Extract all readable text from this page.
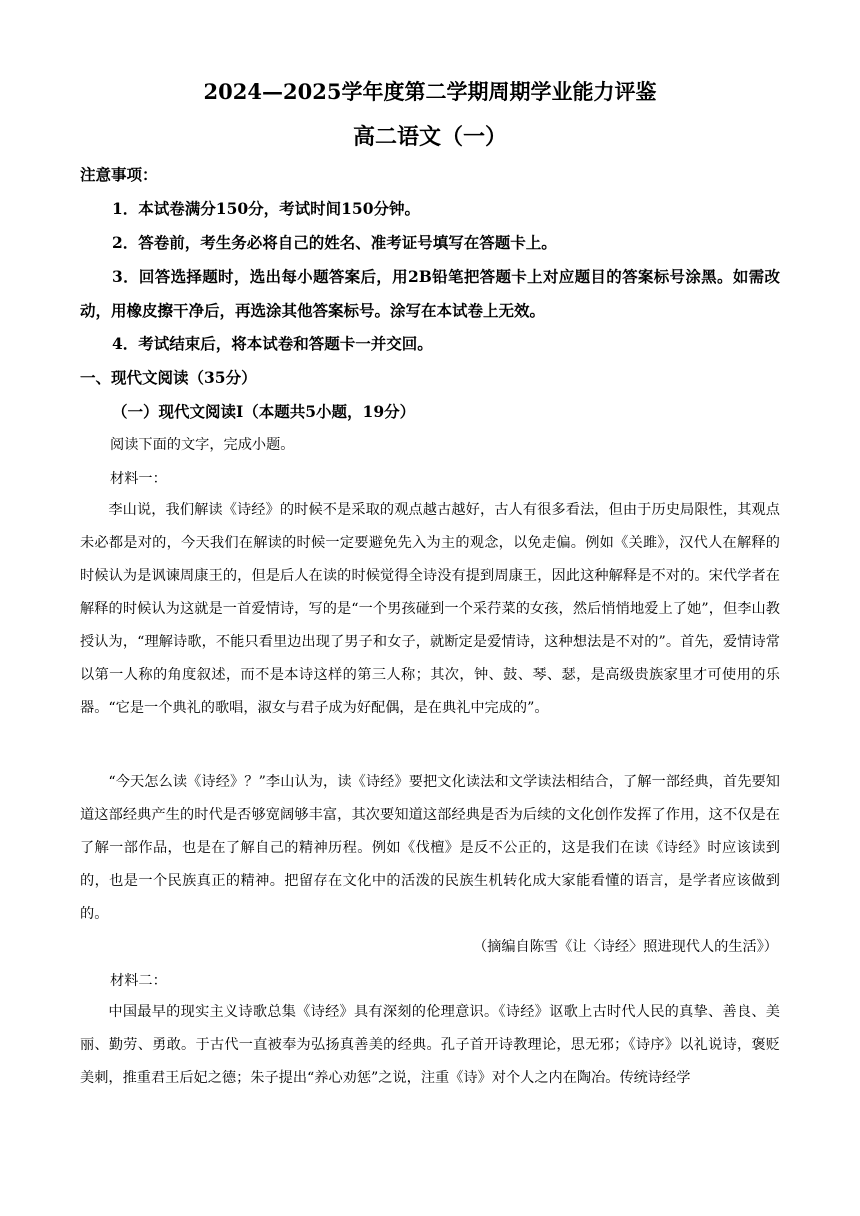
2024—2025学年度第二学期周期学业能力评鉴
高二语文（一）
注意事项：
1．本试卷满分150分，考试时间150分钟。
2．答卷前，考生务必将自己的姓名、准考证号填写在答题卡上。
3．回答选择题时，选出每小题答案后，用2B铅笔把答题卡上对应题目的答案标号涂黑。如需改动，用橡皮擦干净后，再选涂其他答案标号。涂写在本试卷上无效。
4．考试结束后，将本试卷和答题卡一并交回。
一、现代文阅读（35分）
（一）现代文阅读Ⅰ（本题共5小题，19分）
阅读下面的文字，完成小题。
材料一：
李山说，我们解读《诗经》的时候不是采取的观点越古越好，古人有很多看法，但由于历史局限性，其观点未必都是对的，今天我们在解读的时候一定要避免先入为主的观念，以免走偏。例如《关雎》，汉代人在解释的时候认为是讽谏周康王的，但是后人在读的时候觉得全诗没有提到周康王，因此这种解释是不对的。宋代学者在解释的时候认为这就是一首爱情诗，写的是“一个男孩碰到一个采荇菜的女孩，然后悄悄地爱上了她”，但李山教授认为，“理解诗歌，不能只看里边出现了男子和女子，就断定是爱情诗，这种想法是不对的”。首先，爱情诗常以第一人称的角度叙述，而不是本诗这样的第三人称；其次，钟、鼓、琴、瑟，是高级贵族家里才可使用的乐器。“它是一个典礼的歌唱，淑女与君子成为好配偶，是在典礼中完成的”。
“今天怎么读《诗经》？”李山认为，读《诗经》要把文化读法和文学读法相结合，了解一部经典，首先要知道这部经典产生的时代是否够宽阔够丰富，其次要知道这部经典是否为后续的文化创作发挥了作用，这不仅是在了解一部作品，也是在了解自己的精神历程。例如《伐檀》是反不公正的，这是我们在读《诗经》时应该读到的，也是一个民族真正的精神。把留存在文化中的活泼的民族生机转化成大家能看懂的语言，是学者应该做到的。
（摘编自陈雪《让〈诗经〉照进现代人的生活》）
材料二：
中国最早的现实主义诗歌总集《诗经》具有深刻的伦理意识。《诗经》讴歌上古时代人民的真挚、善良、美丽、勤劳、勇敢。于古代一直被奉为弘扬真善美的经典。孔子首开诗教理论，思无邪；《诗序》以礼说诗，褒贬美刺，推重君王后妃之德；朱子提出“养心劝惩”之说，注重《诗》对个人之内在陶冶。传统诗经学
